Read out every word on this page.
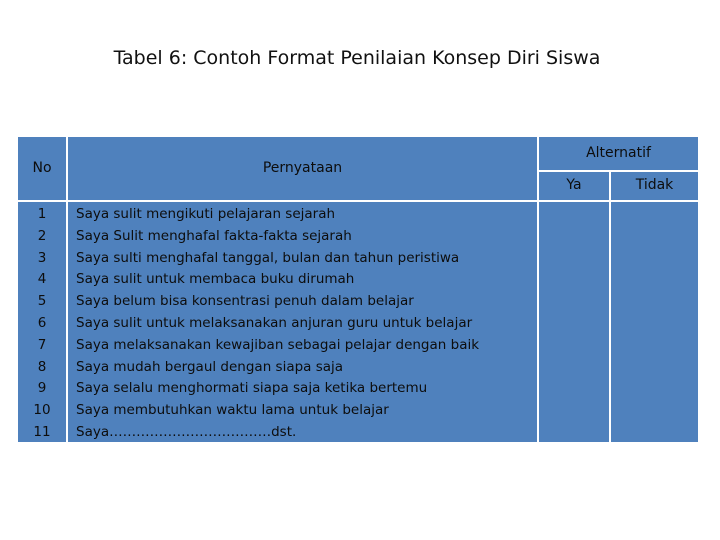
Tabel 6: Contoh Format Penilaian Konsep Diri Siswa
No	Pernyataan
Alternatif
Ya	Tidak
1
2
3
4
5
6
7
8
9
10
11
Saya sulit mengikuti pelajaran sejarah
Saya Sulit menghafal fakta-fakta sejarah
Saya sulti menghafal tanggal, bulan dan tahun peristiwa
Saya sulit untuk membaca buku dirumah
Saya belum bisa konsentrasi penuh dalam belajar
Saya sulit untuk melaksanakan anjuran guru untuk belajar
Saya melaksanakan kewajiban sebagai pelajar dengan baik
Saya mudah bergaul dengan siapa saja
Saya selalu menghormati siapa saja ketika bertemu
Saya membutuhkan waktu lama untuk belajar
Saya………………………………dst.
